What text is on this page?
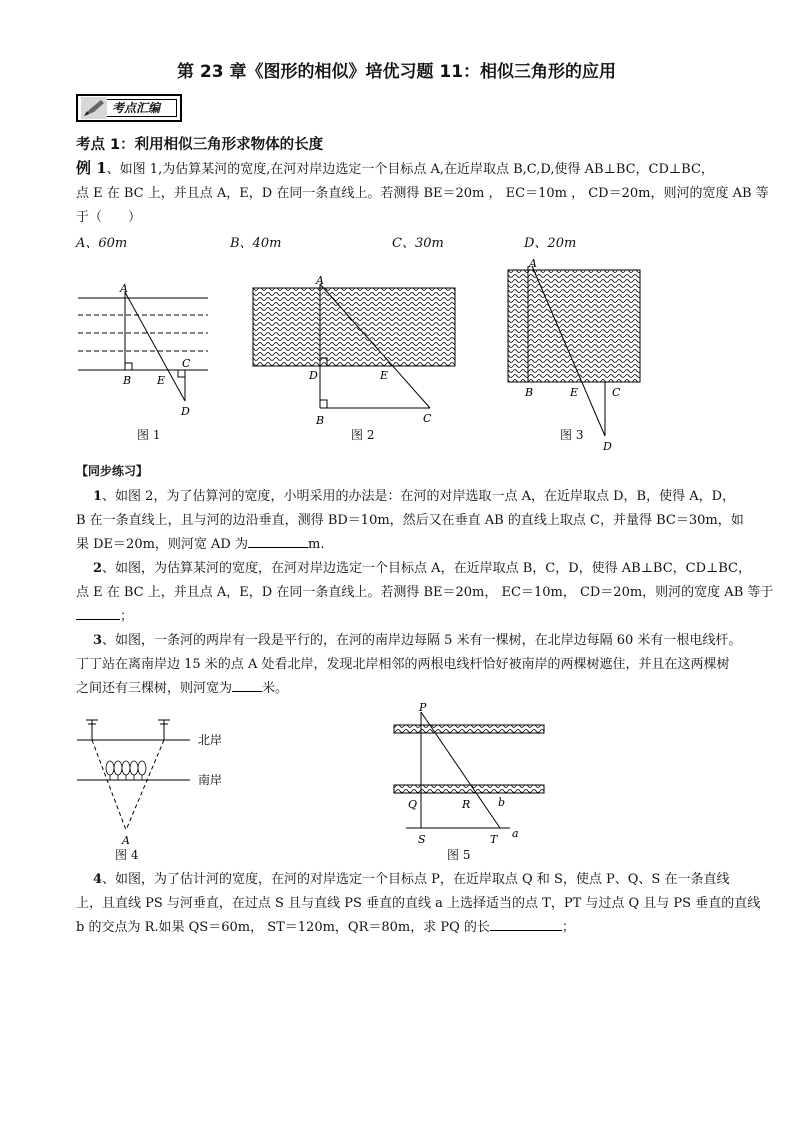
第 23 章《图形的相似》培优习题 11：相似三角形的应用
考点汇编
考点 1：利用相似三角形求物体的长度
例 1、如图 1,为估算某河的宽度,在河对岸边选定一个目标点 A,在近岸取点 B,C,D,使得 AB⊥BC，CD⊥BC，
点 E 在 BC 上，并且点 A，E，D 在同一条直线上。若测得 BE＝20m ， EC＝10m ， CD＝20m，则河的宽度 AB 等
于（　　）
A、60m	B、40m	C、30m	D、20m
A
B E
C
D
图 1
A
D	E
B	C
图 2
A
B	E	C
D
图 3
【同步练习】
1、如图 2，为了估算河的宽度，小明采用的办法是：在河的对岸选取一点 A，在近岸取点 D，B，使得 A，D，
B 在一条直线上，且与河的边沿垂直，测得 BD＝10m，然后又在垂直 AB 的直线上取点 C，并量得 BC＝30m，如
果 DE＝20m，则河宽 AD 为	m.
2、如图，为估算某河的宽度，在河对岸边选定一个目标点 A，在近岸取点 B，C，D，使得 AB⊥BC，CD⊥BC，
点 E 在 BC 上，并且点 A，E，D 在同一条直线上。若测得 BE＝20m， EC＝10m， CD＝20m，则河的宽度 AB 等于
；
3、如图，一条河的两岸有一段是平行的，在河的南岸边每隔 5 米有一棵树，在北岸边每隔 60 米有一根电线杆。
丁丁站在离南岸边 15 米的点 A 处看北岸，发现北岸相邻的两根电线杆恰好被南岸的两棵树遮住，并且在这两棵树
之间还有三棵树，则河宽为 米。
北岸
南岸
A
图 4
P
Q	R	b
S	T a
图 5
4、如图，为了估计河的宽度，在河的对岸选定一个目标点 P，在近岸取点 Q 和 S，使点 P、Q、S 在一条直线
上，且直线 PS 与河垂直，在过点 S 且与直线 PS 垂直的直线 a 上选择适当的点 T，PT 与过点 Q 且与 PS 垂直的直线
b 的交点为 R.如果 QS＝60m， ST＝120m，QR＝80m，求 PQ 的长	；
